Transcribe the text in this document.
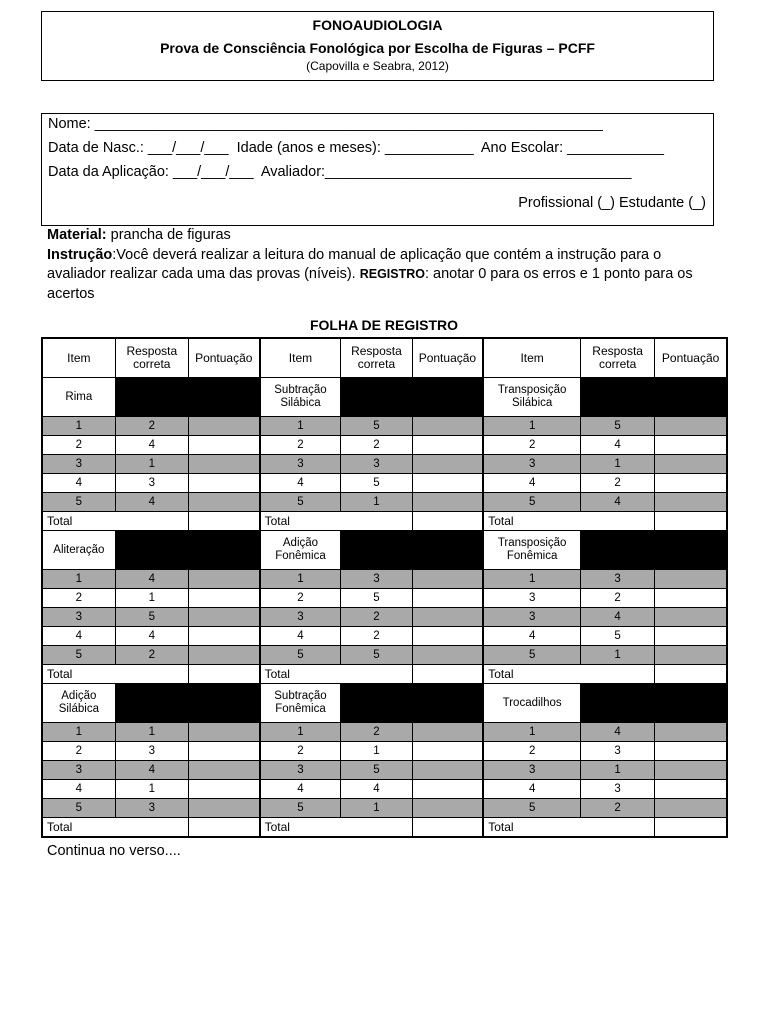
FONOAUDIOLOGIA
Prova de Consciência Fonológica por Escolha de Figuras – PCFF
(Capovilla e Seabra, 2012)
Nome: _______________________________________________________________
Data de Nasc.: ___/___/___  Idade (anos e meses): ___________  Ano Escolar: ____________
Data da Aplicação: ___/___/___  Avaliador:______________________________________
Profissional (_) Estudante (_)
Material: prancha de figuras
Instrução:Você deverá realizar a leitura do manual de aplicação que contém a instrução para o avaliador realizar cada uma das provas (níveis). REGISTRO: anotar 0 para os erros e 1 ponto para os acertos
FOLHA DE REGISTRO
Item	Resposta correta	Pontuação	Item	Resposta correta	Pontuação	Item	Resposta correta	Pontuação
Rima			Subtração Silábica			Transposição Silábica		
1	2		1	5		1	5	
2	4		2	2		2	4	
3	1		3	3		3	1	
4	3		4	5		4	2	
5	4		5	1		5	4	
Total			Total			Total		
Aliteração			Adição Fonêmica			Transposição Fonêmica		
1	4		1	3		1	3	
2	1		2	5		3	2	
3	5		3	2		3	4	
4	4		4	2		4	5	
5	2		5	5		5	1	
Total			Total			Total		
Adição Silábica			Subtração Fonêmica			Trocadilhos		
1	1		1	2		1	4	
2	3		2	1		2	3	
3	4		3	5		3	1	
4	1		4	4		4	3	
5	3		5	1		5	2	
Total			Total			Total		
Continua no verso....
